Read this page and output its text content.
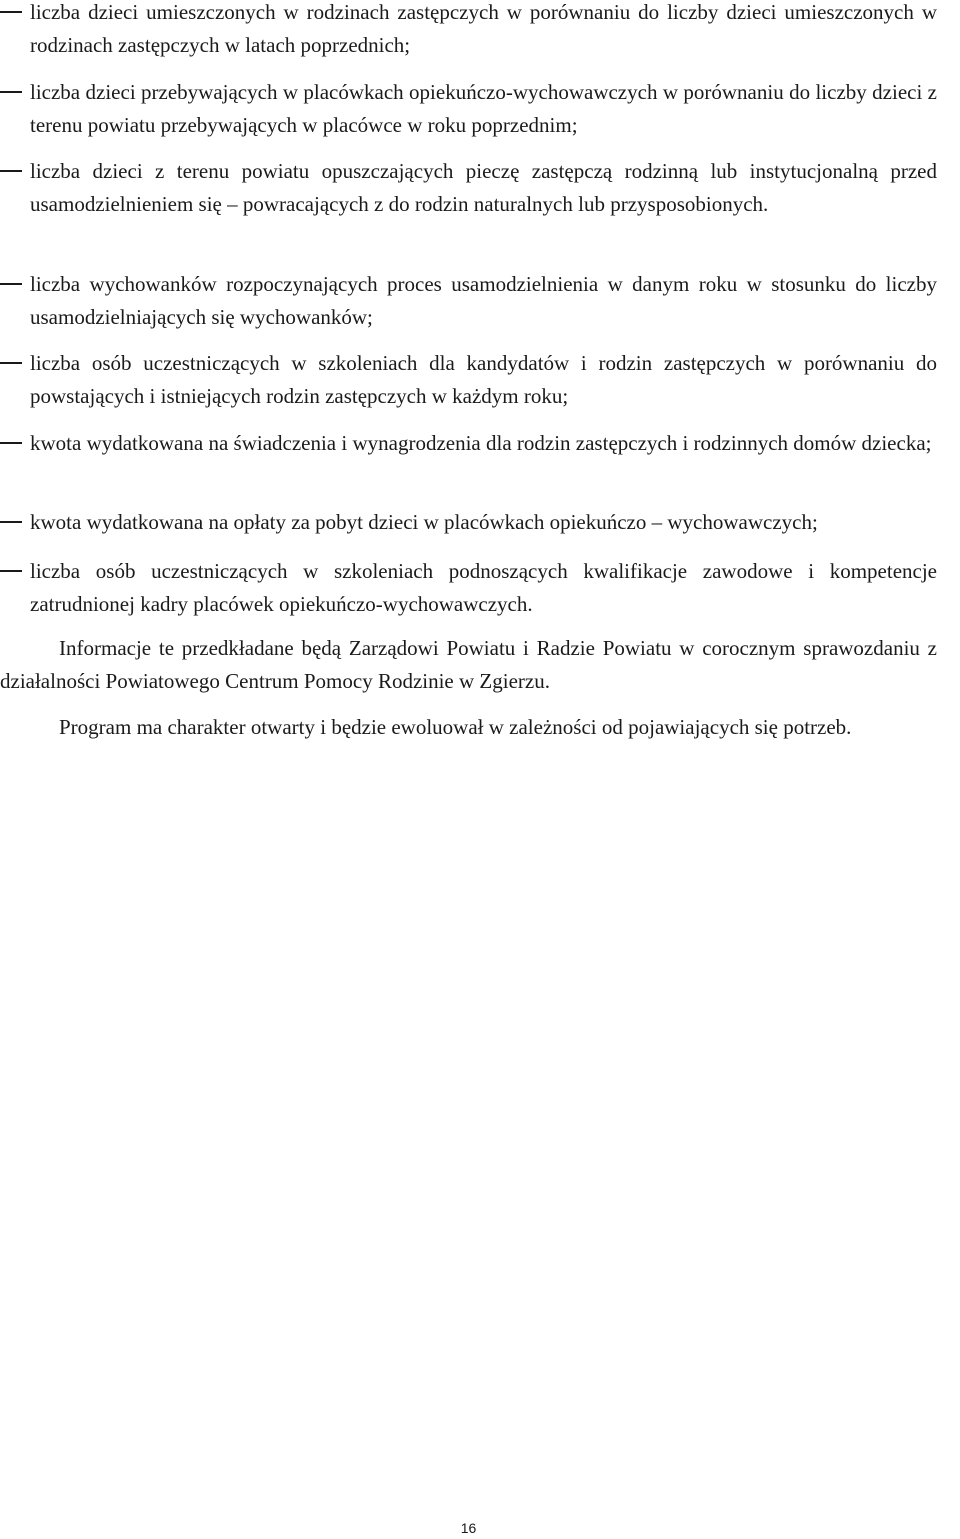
liczba dzieci umieszczonych w rodzinach zastępczych w porównaniu do liczby dzieci umieszczonych w rodzinach zastępczych w latach poprzednich;
liczba dzieci przebywających w placówkach opiekuńczo-wychowawczych w porównaniu do liczby dzieci z terenu powiatu przebywających w placówce w roku poprzednim;
liczba dzieci z terenu powiatu opuszczających pieczę zastępczą rodzinną lub instytucjonalną przed usamodzielnieniem się – powracających z do rodzin naturalnych lub przysposobionych.
liczba wychowanków rozpoczynających proces usamodzielnienia w danym roku w stosunku do liczby usamodzielniających się wychowanków;
liczba osób uczestniczących w szkoleniach dla kandydatów i rodzin zastępczych w porównaniu do powstających i istniejących rodzin zastępczych w każdym roku;
kwota wydatkowana na świadczenia i wynagrodzenia dla rodzin zastępczych i rodzinnych domów dziecka;
kwota wydatkowana na opłaty za pobyt dzieci w placówkach opiekuńczo – wychowawczych;
liczba osób uczestniczących w szkoleniach podnoszących kwalifikacje zawodowe i kompetencje zatrudnionej kadry placówek opiekuńczo-wychowawczych.

Informacje te przedkładane będą Zarządowi Powiatu i Radzie Powiatu w corocznym sprawozdaniu z działalności Powiatowego Centrum Pomocy Rodzinie w Zgierzu.

Program ma charakter otwarty i będzie ewoluował w zależności od pojawiających się potrzeb.

16
